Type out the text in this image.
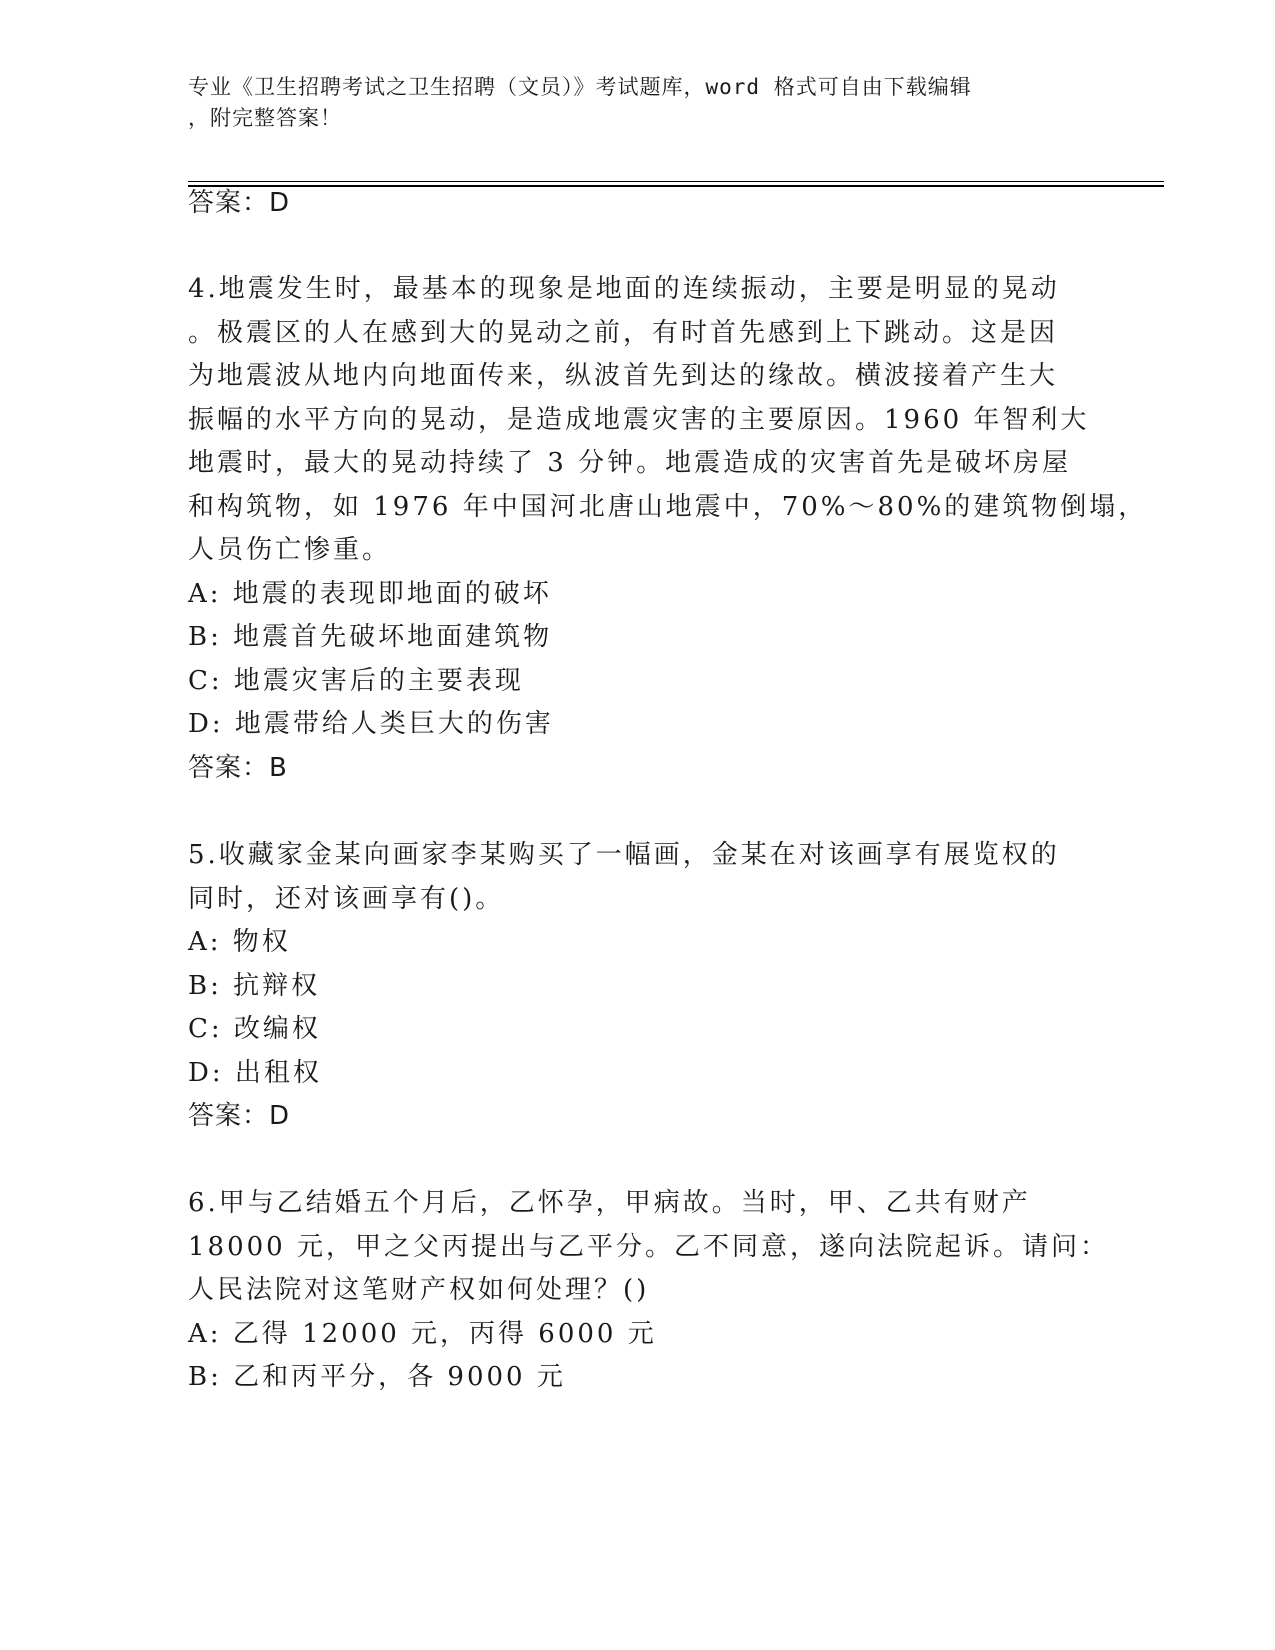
专业《卫生招聘考试之卫生招聘（文员）》考试题库，word 格式可自由下载编辑
，附完整答案！
答案：D
4.地震发生时，最基本的现象是地面的连续振动，主要是明显的晃动
。极震区的人在感到大的晃动之前，有时首先感到上下跳动。这是因
为地震波从地内向地面传来，纵波首先到达的缘故。横波接着产生大
振幅的水平方向的晃动，是造成地震灾害的主要原因。1960 年智利大
地震时，最大的晃动持续了 3 分钟。地震造成的灾害首先是破坏房屋
和构筑物，如 1976 年中国河北唐山地震中，70%～80%的建筑物倒塌，
人员伤亡惨重。
A: 地震的表现即地面的破坏
B: 地震首先破坏地面建筑物
C: 地震灾害后的主要表现
D: 地震带给人类巨大的伤害
答案：B
5.收藏家金某向画家李某购买了一幅画，金某在对该画享有展览权的
同时，还对该画享有()。
A: 物权
B: 抗辩权
C: 改编权
D: 出租权
答案：D
6.甲与乙结婚五个月后，乙怀孕，甲病故。当时，甲、乙共有财产
18000 元，甲之父丙提出与乙平分。乙不同意，遂向法院起诉。请问：
人民法院对这笔财产权如何处理？()
A: 乙得 12000 元，丙得 6000 元
B: 乙和丙平分，各 9000 元
